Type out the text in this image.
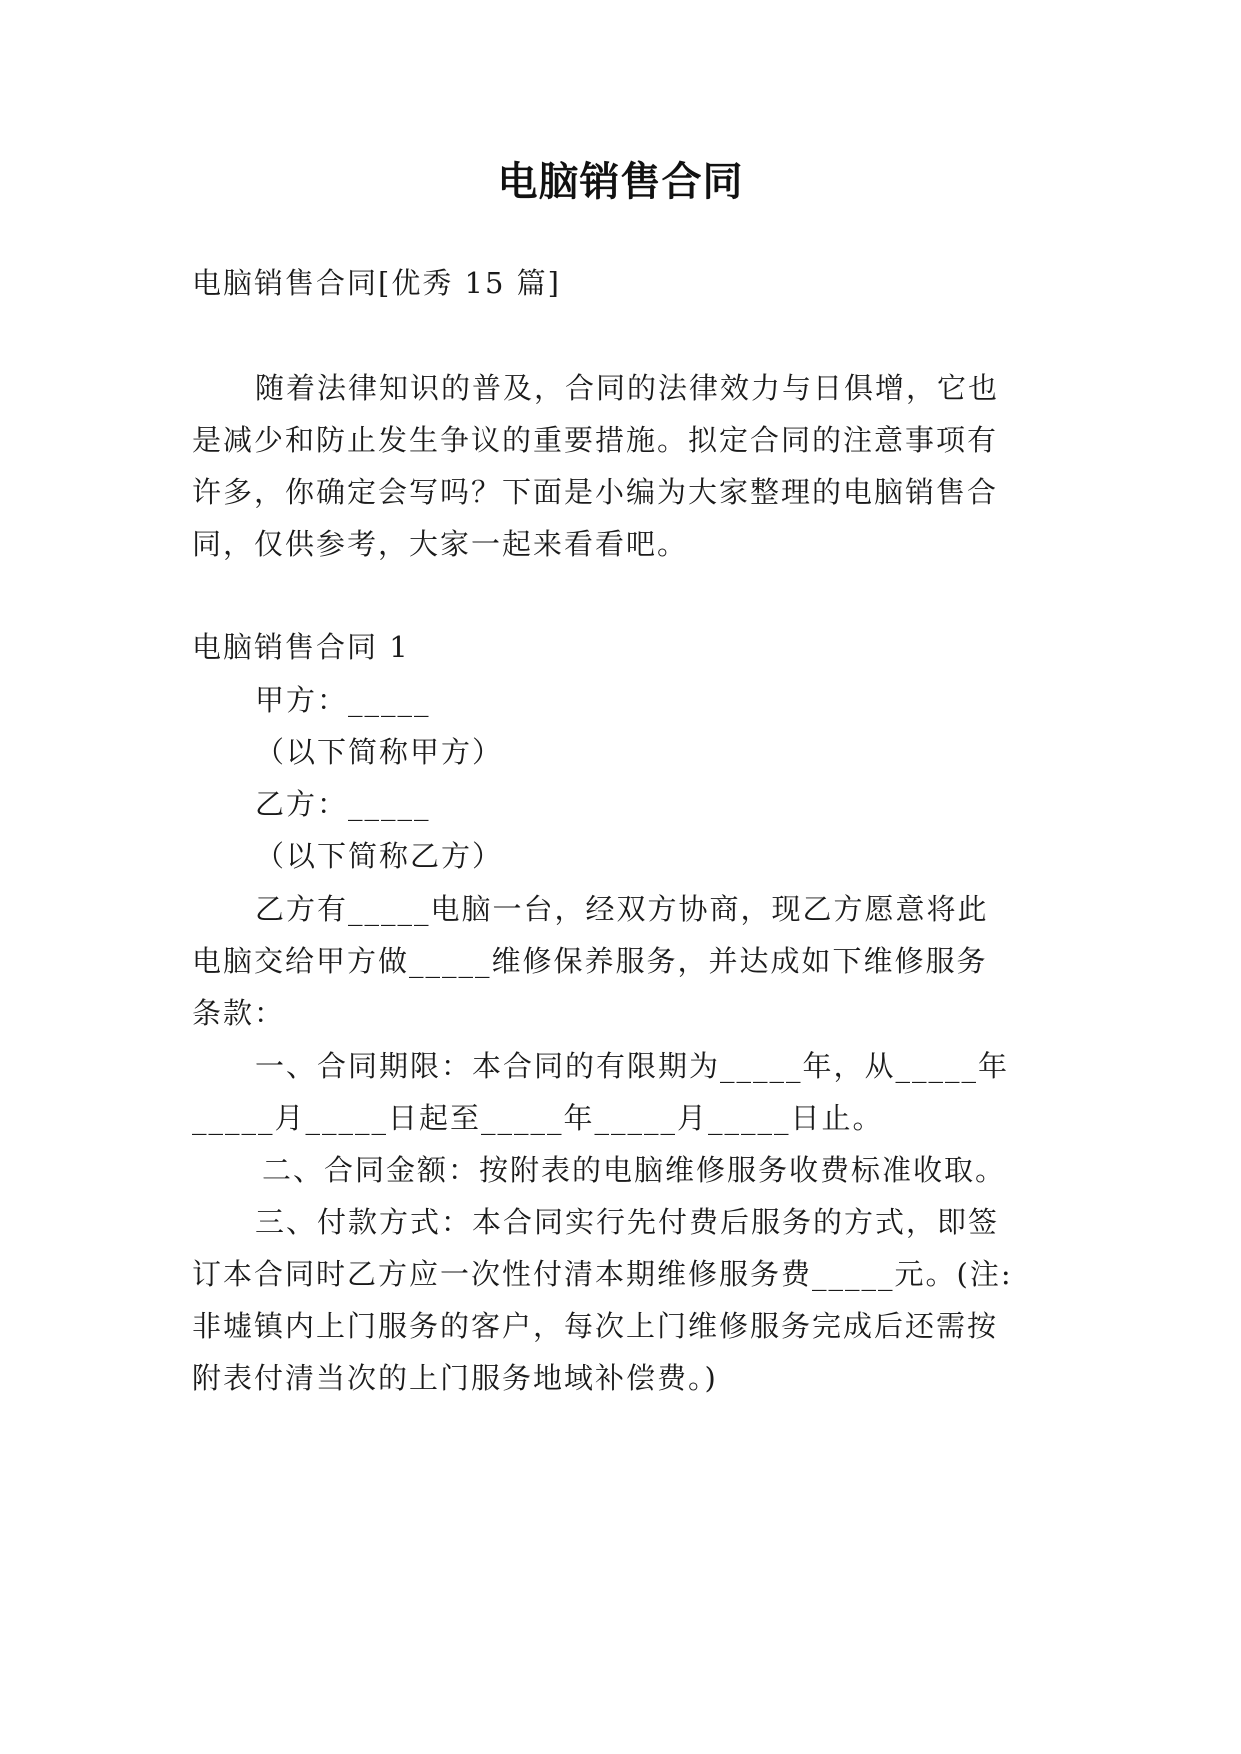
电脑销售合同
电脑销售合同[优秀 15 篇]
随着法律知识的普及，合同的法律效力与日俱增，它也
是减少和防止发生争议的重要措施。拟定合同的注意事项有
许多，你确定会写吗？下面是小编为大家整理的电脑销售合
同，仅供参考，大家一起来看看吧。
电脑销售合同 1
甲方：_____
（以下简称甲方）
乙方：_____
（以下简称乙方）
乙方有_____电脑一台，经双方协商，现乙方愿意将此
电脑交给甲方做_____维修保养服务，并达成如下维修服务
条款：
一、合同期限：本合同的有限期为_____年，从_____年
_____月_____日起至_____年_____月_____日止。
二、合同金额：按附表的电脑维修服务收费标准收取。
三、付款方式：本合同实行先付费后服务的方式，即签
订本合同时乙方应一次性付清本期维修服务费_____元。(注:
非墟镇内上门服务的客户，每次上门维修服务完成后还需按
附表付清当次的上门服务地域补偿费。)
